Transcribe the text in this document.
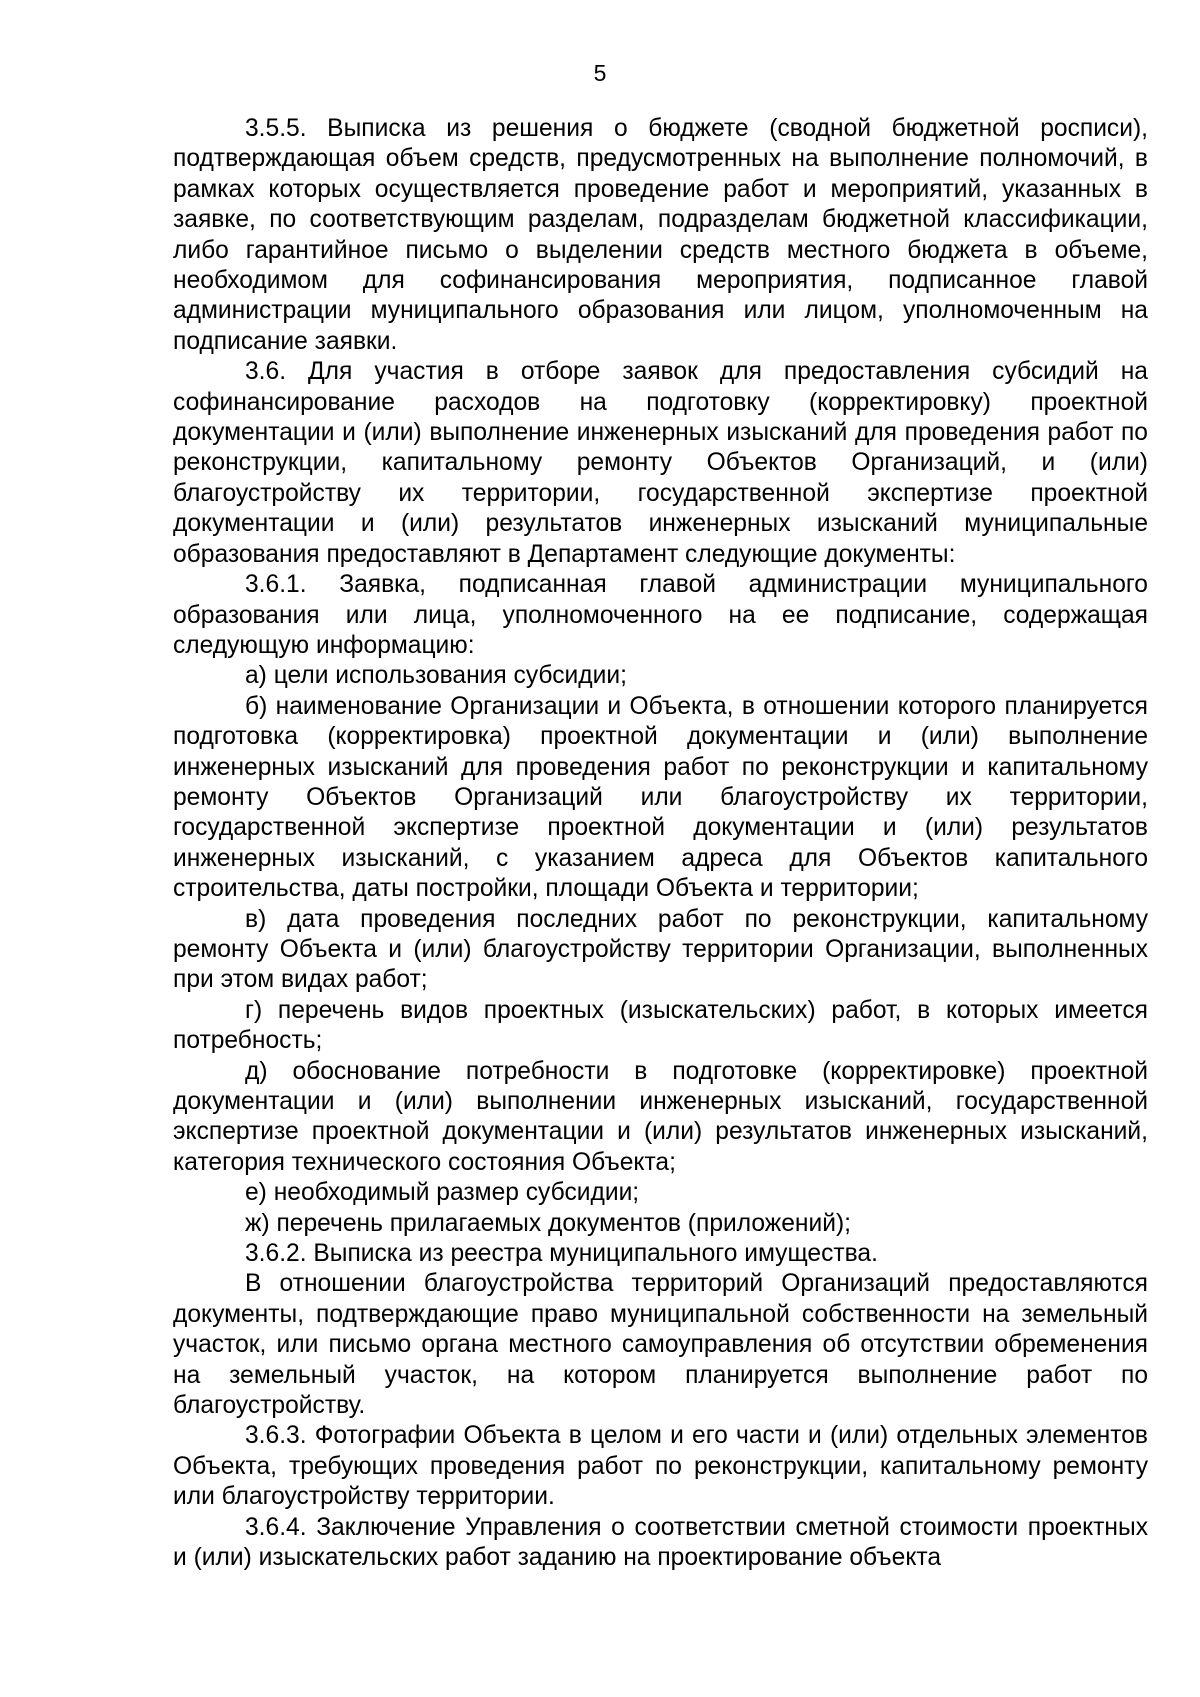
5

3.5.5. Выписка из решения о бюджете (сводной бюджетной росписи), подтверждающая объем средств, предусмотренных на выполнение полномочий, в рамках которых осуществляется проведение работ и мероприятий, указанных в заявке, по соответствующим разделам, подразделам бюджетной классификации, либо гарантийное письмо о выделении средств местного бюджета в объеме, необходимом для софинансирования мероприятия, подписанное главой администрации муниципального образования или лицом, уполномоченным на подписание заявки.

3.6. Для участия в отборе заявок для предоставления субсидий на софинансирование расходов на подготовку (корректировку) проектной документации и (или) выполнение инженерных изысканий для проведения работ по реконструкции, капитальному ремонту Объектов Организаций, и (или) благоустройству их территории, государственной экспертизе проектной документации и (или) результатов инженерных изысканий муниципальные образования предоставляют в Департамент следующие документы:

3.6.1. Заявка, подписанная главой администрации муниципального образования или лица, уполномоченного на ее подписание, содержащая следующую информацию:

а) цели использования субсидии;

б) наименование Организации и Объекта, в отношении которого планируется подготовка (корректировка) проектной документации и (или) выполнение инженерных изысканий для проведения работ по реконструкции и капитальному ремонту Объектов Организаций или благоустройству их территории, государственной экспертизе проектной документации и (или) результатов инженерных изысканий, с указанием адреса для Объектов капитального строительства, даты постройки, площади Объекта и территории;

в) дата проведения последних работ по реконструкции, капитальному ремонту Объекта и (или) благоустройству территории Организации, выполненных при этом видах работ;

г) перечень видов проектных (изыскательских) работ, в которых имеется потребность;

д) обоснование потребности в подготовке (корректировке) проектной документации и (или) выполнении инженерных изысканий, государственной экспертизе проектной документации и (или) результатов инженерных изысканий, категория технического состояния Объекта;

е) необходимый размер субсидии;

ж) перечень прилагаемых документов (приложений);

3.6.2. Выписка из реестра муниципального имущества.

В отношении благоустройства территорий Организаций предоставляются документы, подтверждающие право муниципальной собственности на земельный участок, или письмо органа местного самоуправления об отсутствии обременения на земельный участок, на котором планируется выполнение работ по благоустройству.

3.6.3. Фотографии Объекта в целом и его части и (или) отдельных элементов Объекта, требующих проведения работ по реконструкции, капитальному ремонту или благоустройству территории.

3.6.4. Заключение Управления о соответствии сметной стоимости проектных и (или) изыскательских работ заданию на проектирование объекта
